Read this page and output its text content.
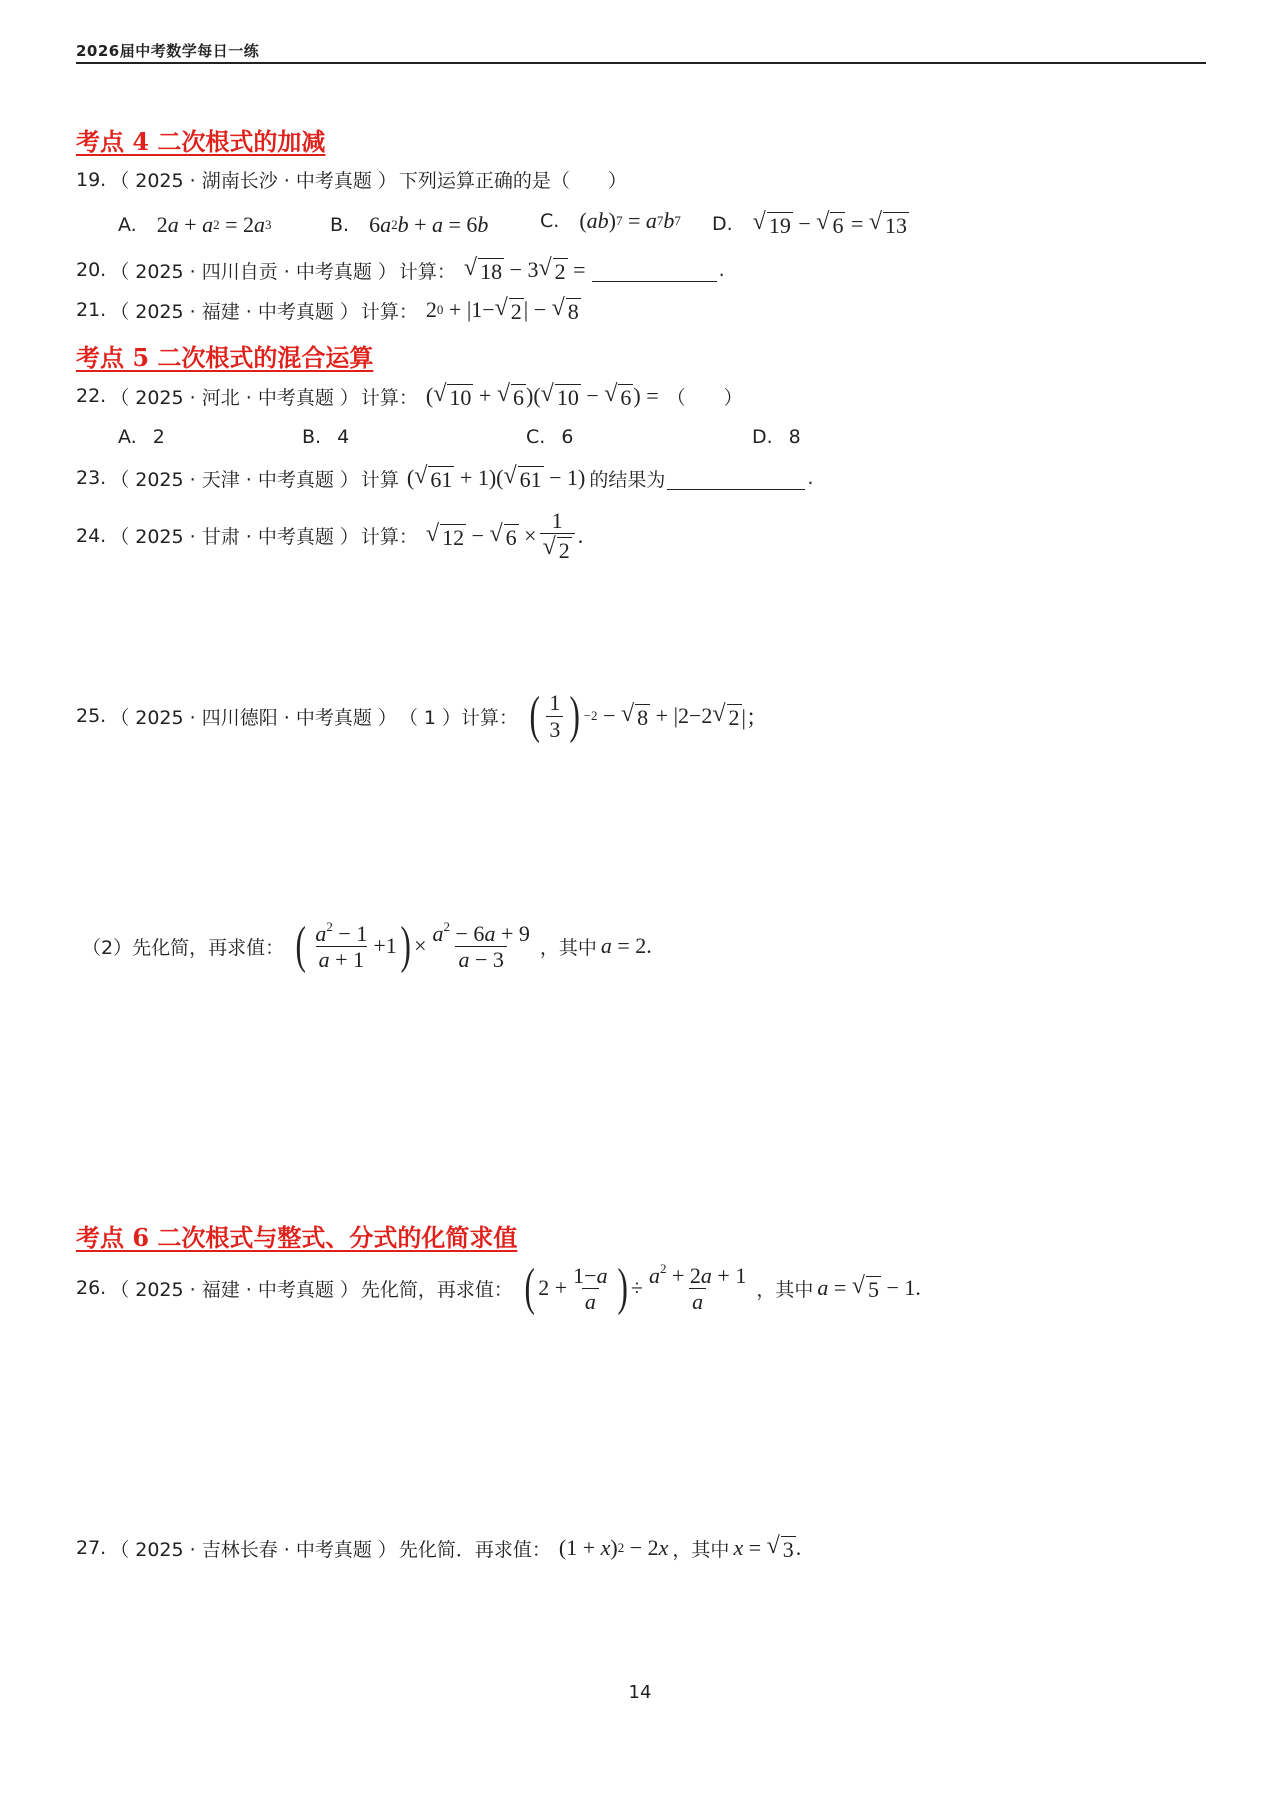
2026届中考数学每日一练
考点 4 二次根式的加减
19. （ 2025 · 湖南长沙 · 中考真题 ） 下列运算正确的是（　　）
A. 2 a + a 2 = 2 a 3	B. 6 a 2 b + a = 6 b	C. ( ab ) 7 = a 7 b 7 D. √ 19 − √ 6 = √ 13
20. （ 2025 · 四川自贡 · 中考真题 ） 计算： √ 18 − 3 √ 2 =	.
21. （ 2025 · 福建 · 中考真题 ） 计算： 2 0 + |1− √ 2 | − √ 8
考点 5 二次根式的混合运算
22. （ 2025 · 河北 · 中考真题 ） 计算： ( √ 10 + √ 6 )( √ 10 − √ 6 ) = （　　）
A. 2	B. 4	C. 6	D. 8
23. （ 2025 · 天津 · 中考真题 ） 计算 ( √ 61 + 1)( √ 61 − 1) 的结果为	.
24. （ 2025 · 甘肃 · 中考真题 ） 计算： √ 12 − √ $6 \times \frac{1}{√ 2}$ .
25. （ 2025 · 四川德阳 · 中考真题 ） （ 1 ）计算： ( $\frac{1}{3}$ ) −2 − √ 8 + |2−2 √ 2 |；
（2）先化简，再求值： ( $\frac{a^2 - 1}{a + 1} +1$ ) × $\frac{a^2 - 6a + 9}{a - 3}$ ，其中 a = 2.
考点 6 二次根式与整式、分式的化简求值
26. （ 2025 · 福建 · 中考真题 ） 先化简，再求值： ( $2 + \frac{1-a}{a}$ ) ÷ $\frac{a^2 + 2a + 1}{a}$ ，其中 a = √ 5 − 1.
27. （ 2025 · 吉林长春 · 中考真题 ） 先化简．再求值： (1 + x ) 2 − 2 x ，其中 x = √ 3 .
14
